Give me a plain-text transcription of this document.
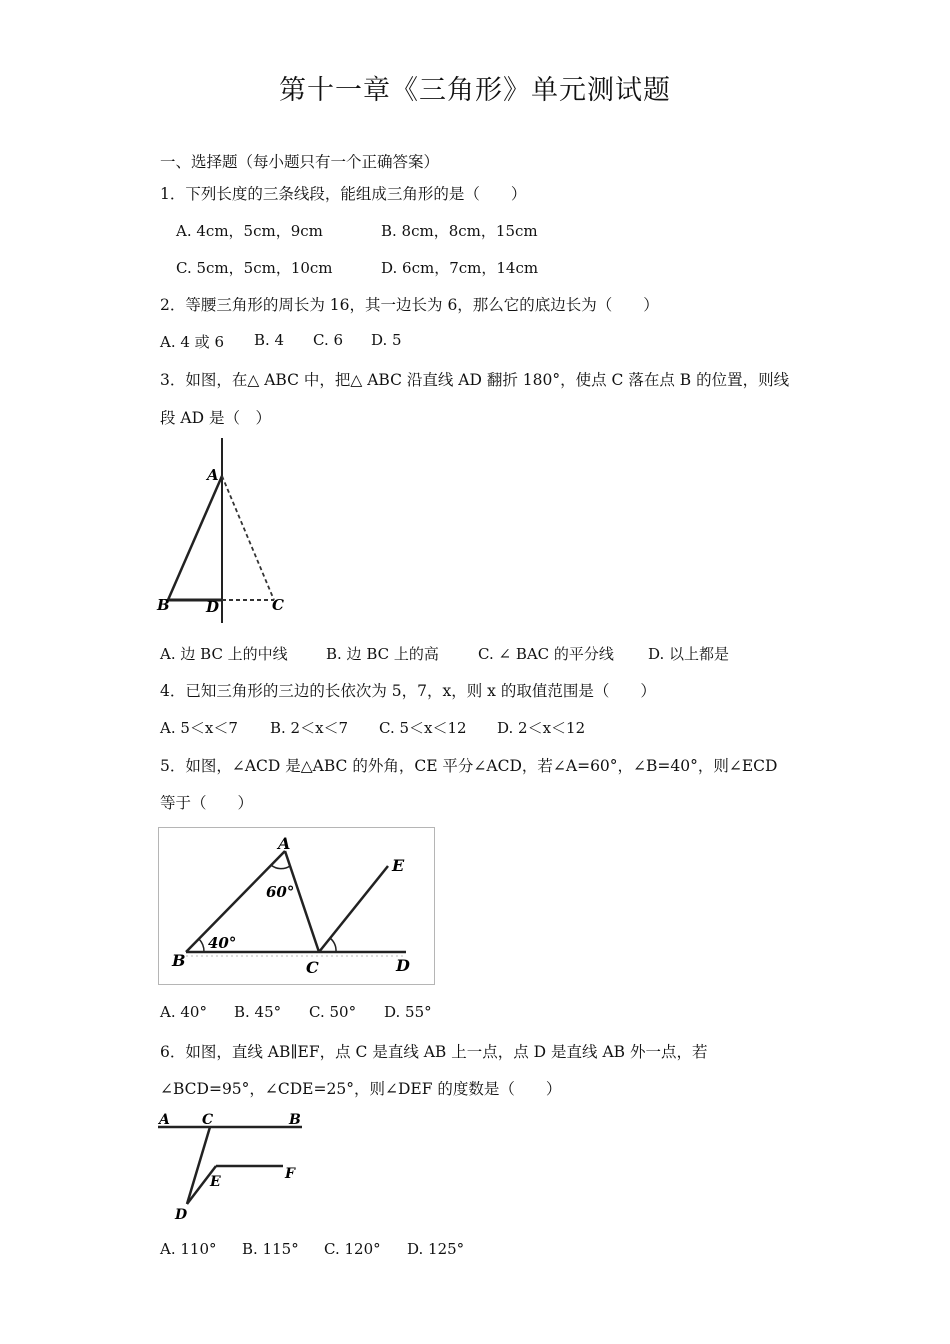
第十一章《三角形》单元测试题
一、选择题（每小题只有一个正确答案）
1．下列长度的三条线段，能组成三角形的是（　　）
A. 4cm，5cm，9cm	B. 8cm，8cm，15cm
C. 5cm，5cm，10cm	D. 6cm，7cm，14cm
2．等腰三角形的周长为 16，其一边长为 6，那么它的底边长为（　　）
A. 4 或 6 B. 4 C. 6 D. 5
3．如图，在△ ABC 中，把△ ABC 沿直线 AD 翻折 180°，使点 C 落在点 B 的位置，则线
段 AD 是（　）
A
B D	C
A. 边 BC 上的中线	B. 边 BC 上的高	C. ∠ BAC 的平分线 D. 以上都是
4．已知三角形的三边的长依次为 5，7，x，则 x 的取值范围是（　　）
A. 5＜x＜7 B. 2＜x＜7 C. 5＜x＜12 D. 2＜x＜12
5．如图，∠ACD 是△ABC 的外角，CE 平分∠ACD，若∠A=60°，∠B=40°，则∠ECD
等于（　　）
A
B	C	D
E
60°
40°
A. 40° B. 45° C. 50° D. 55°
6．如图，直线 AB∥EF，点 C 是直线 AB 上一点，点 D 是直线 AB 外一点，若
∠BCD=95°，∠CDE=25°，则∠DEF 的度数是（　　）
A C	B
E	F
D
A. 110° B. 115° C. 120° D. 125°
